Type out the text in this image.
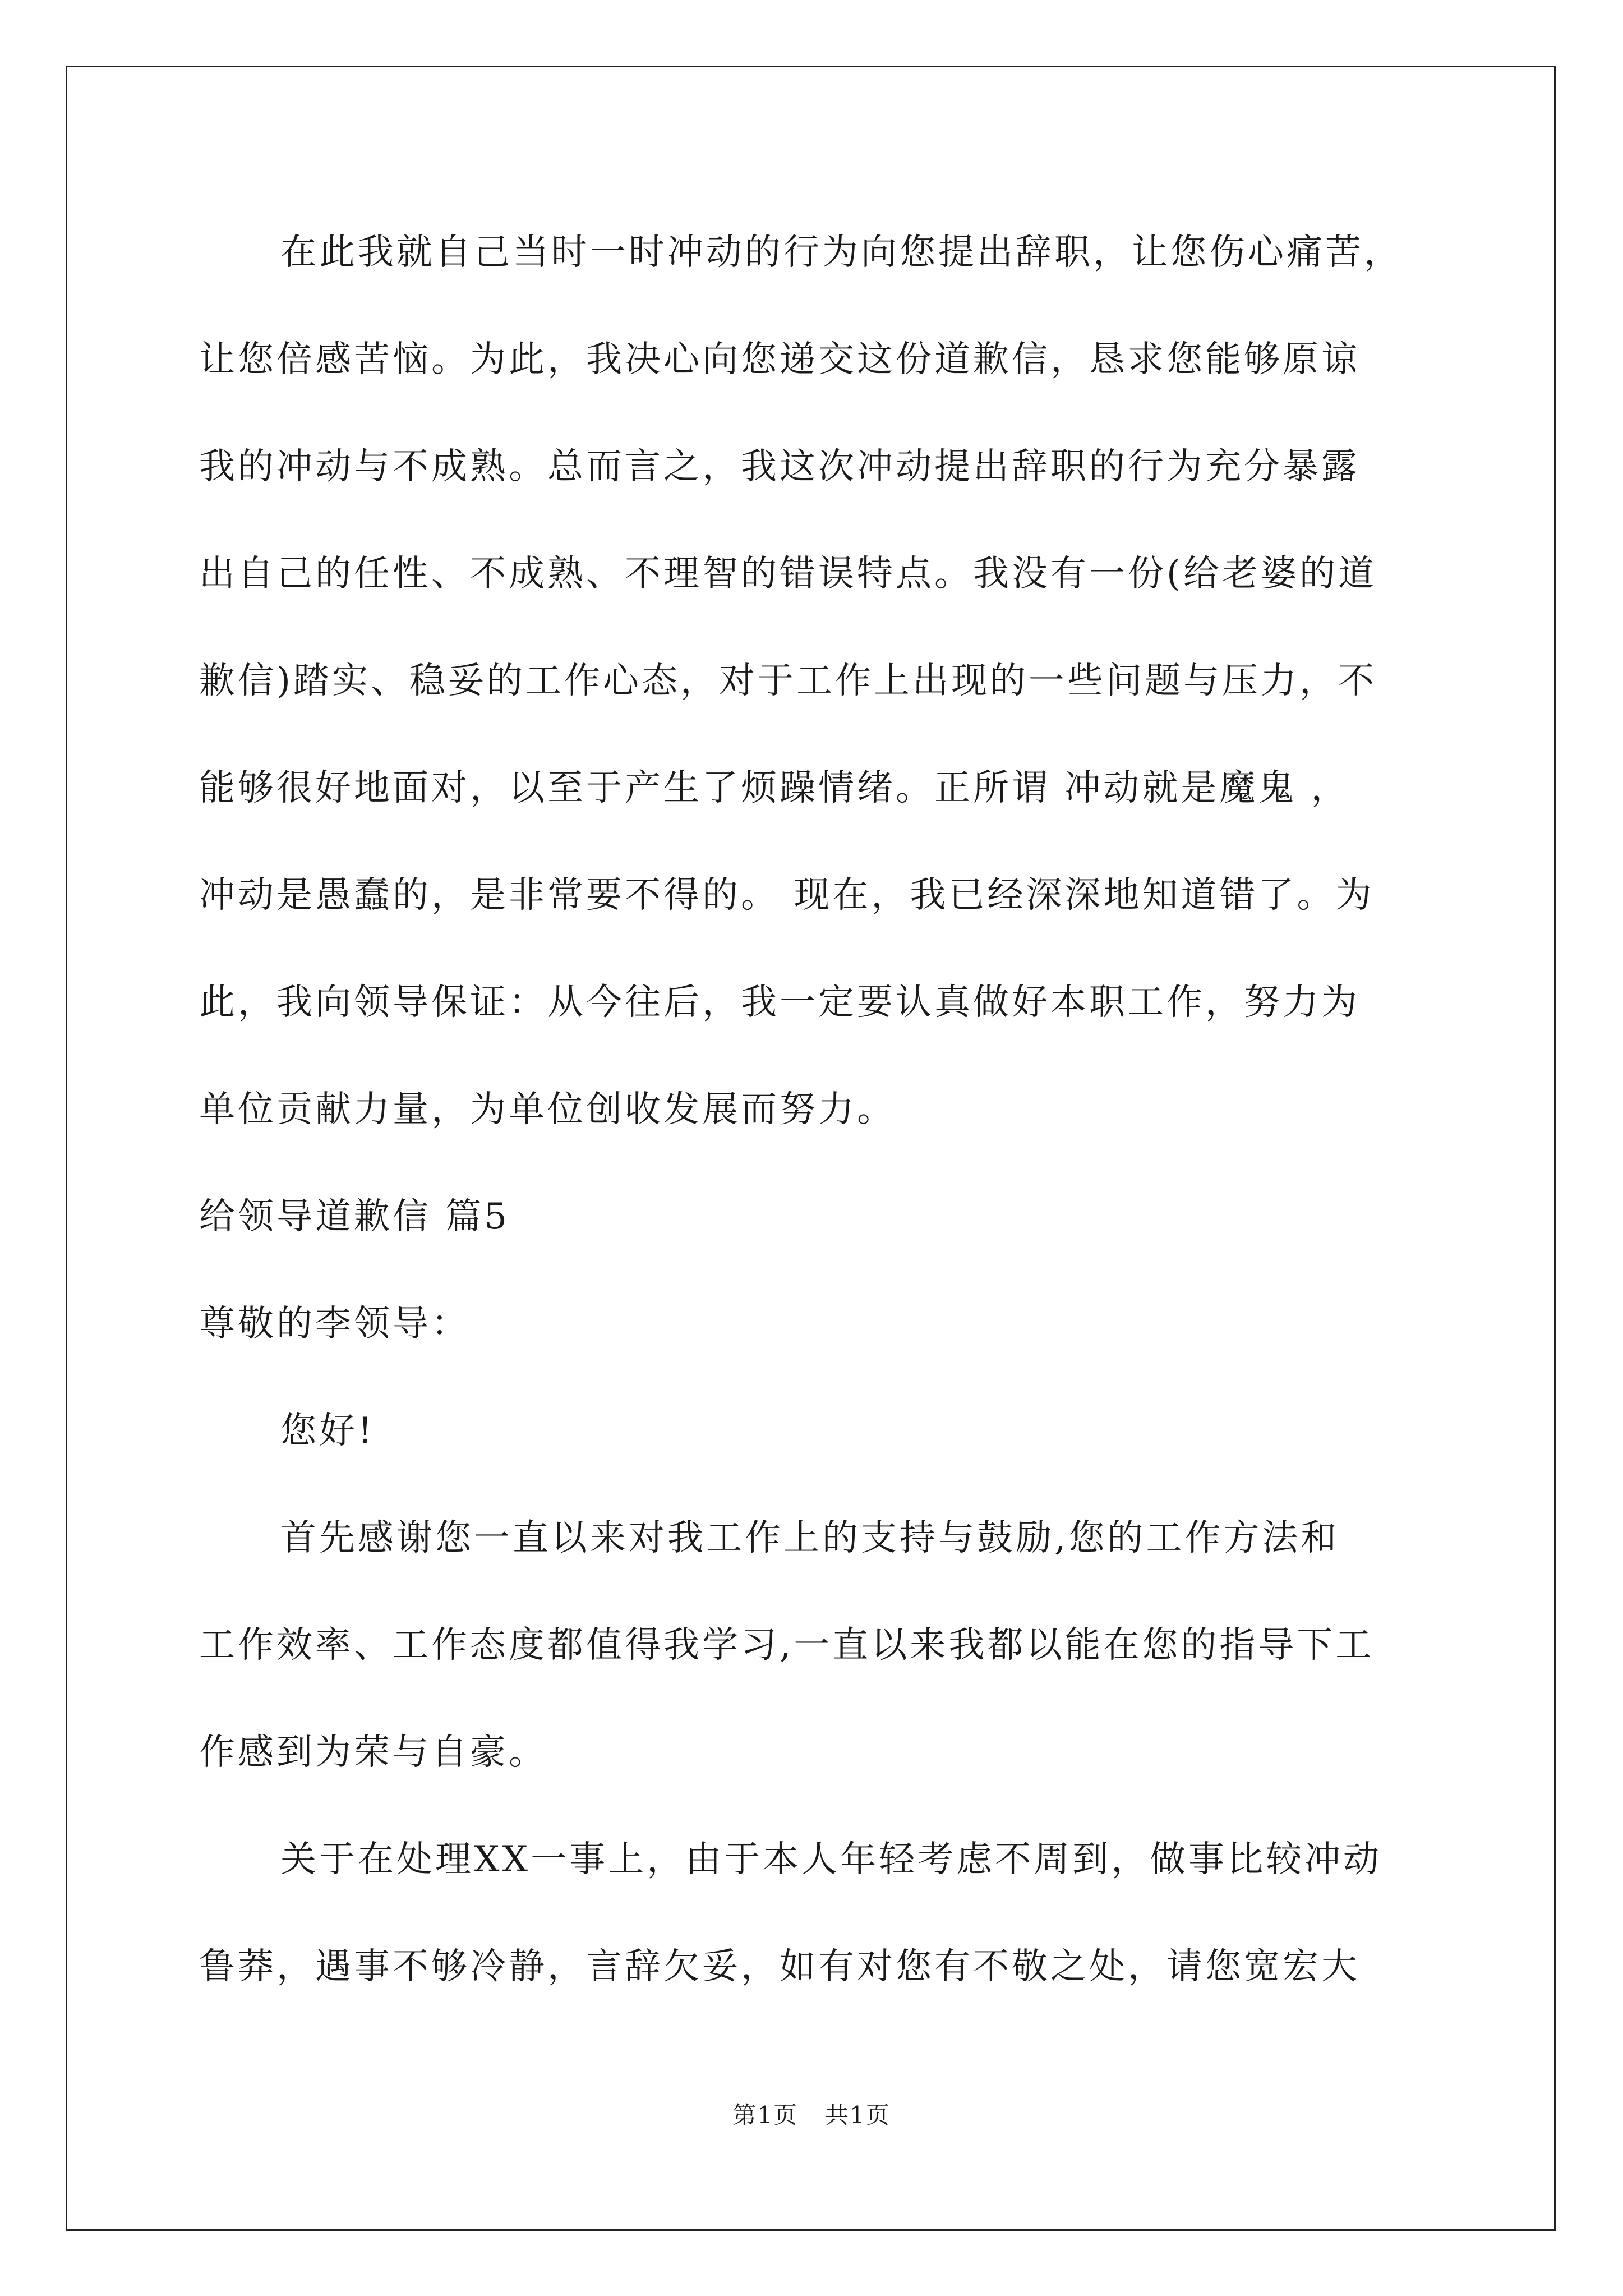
在此我就自己当时一时冲动的行为向您提出辞职，让您伤心痛苦，
让您倍感苦恼。为此，我决心向您递交这份道歉信，恳求您能够原谅
我的冲动与不成熟。总而言之，我这次冲动提出辞职的行为充分暴露
出自己的任性、不成熟、不理智的错误特点。我没有一份(给老婆的道
歉信)踏实、稳妥的工作心态，对于工作上出现的一些问题与压力，不
能够很好地面对，以至于产生了烦躁情绪。正所谓 冲动就是魔鬼 ，
冲动是愚蠢的，是非常要不得的。 现在，我已经深深地知道错了。为
此，我向领导保证：从今往后，我一定要认真做好本职工作，努力为
单位贡献力量，为单位创收发展而努力。
给领导道歉信 篇5
尊敬的李领导：
您好!
首先感谢您一直以来对我工作上的支持与鼓励,您的工作方法和
工作效率、工作态度都值得我学习,一直以来我都以能在您的指导下工
作感到为荣与自豪。
关于在处理XX一事上，由于本人年轻考虑不周到，做事比较冲动
鲁莽，遇事不够冷静，言辞欠妥，如有对您有不敬之处，请您宽宏大
第1页 共1页
